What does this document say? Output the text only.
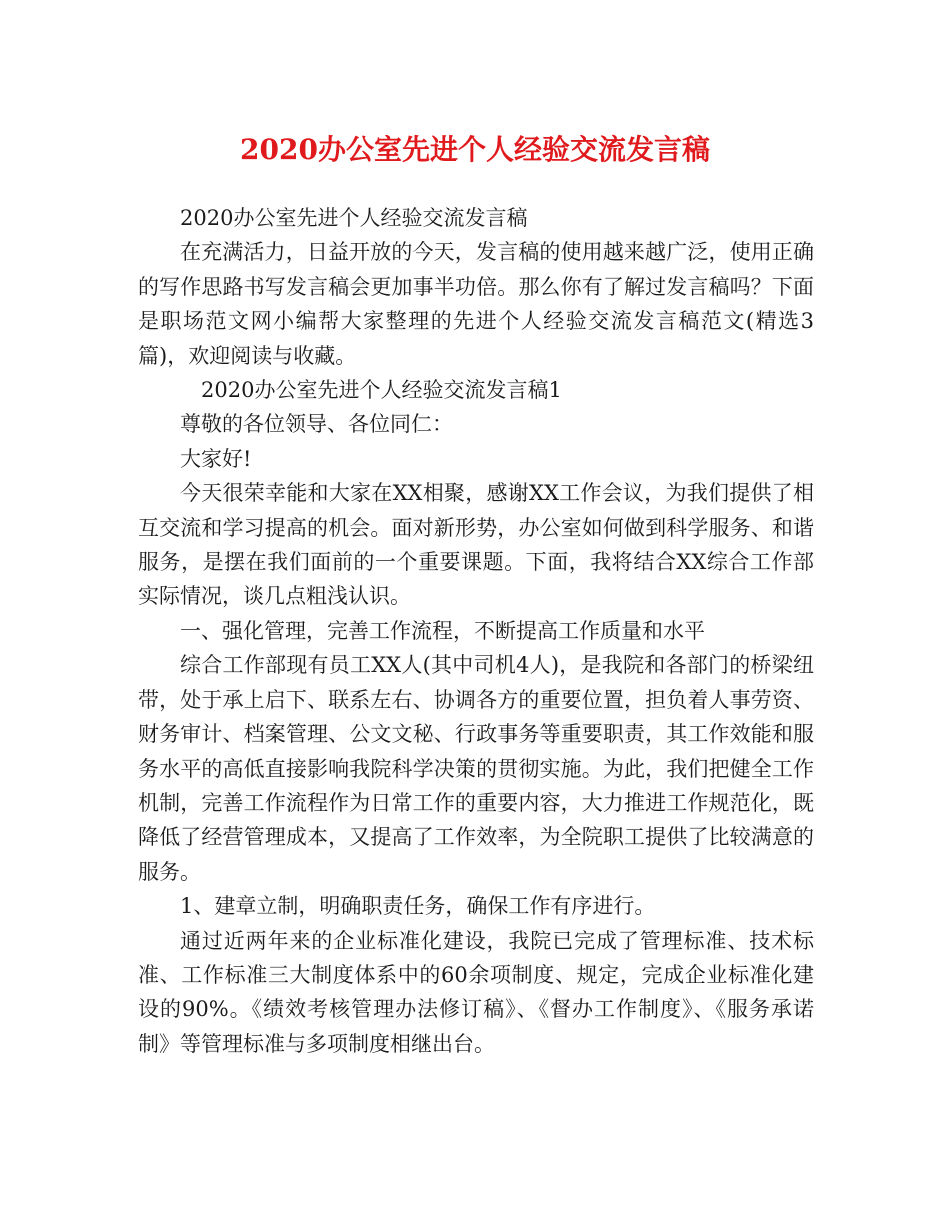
2020办公室先进个人经验交流发言稿

2020办公室先进个人经验交流发言稿

在充满活力，日益开放的今天，发言稿的使用越来越广泛，使用正确的写作思路书写发言稿会更加事半功倍。那么你有了解过发言稿吗？下面是职场范文网小编帮大家整理的先进个人经验交流发言稿范文(精选3篇)，欢迎阅读与收藏。

2020办公室先进个人经验交流发言稿1

尊敬的各位领导、各位同仁：

大家好!

今天很荣幸能和大家在XX相聚，感谢XX工作会议，为我们提供了相互交流和学习提高的机会。面对新形势，办公室如何做到科学服务、和谐服务，是摆在我们面前的一个重要课题。下面，我将结合XX综合工作部实际情况，谈几点粗浅认识。

一、强化管理，完善工作流程，不断提高工作质量和水平

综合工作部现有员工XX人(其中司机4人)，是我院和各部门的桥梁纽带，处于承上启下、联系左右、协调各方的重要位置，担负着人事劳资、财务审计、档案管理、公文文秘、行政事务等重要职责，其工作效能和服务水平的高低直接影响我院科学决策的贯彻实施。为此，我们把健全工作机制，完善工作流程作为日常工作的重要内容，大力推进工作规范化，既降低了经营管理成本，又提高了工作效率，为全院职工提供了比较满意的服务。

1、建章立制，明确职责任务，确保工作有序进行。

通过近两年来的企业标准化建设，我院已完成了管理标准、技术标准、工作标准三大制度体系中的60余项制度、规定，完成企业标准化建设的90%。《绩效考核管理办法修订稿》、《督办工作制度》、《服务承诺制》等管理标准与多项制度相继出台。
